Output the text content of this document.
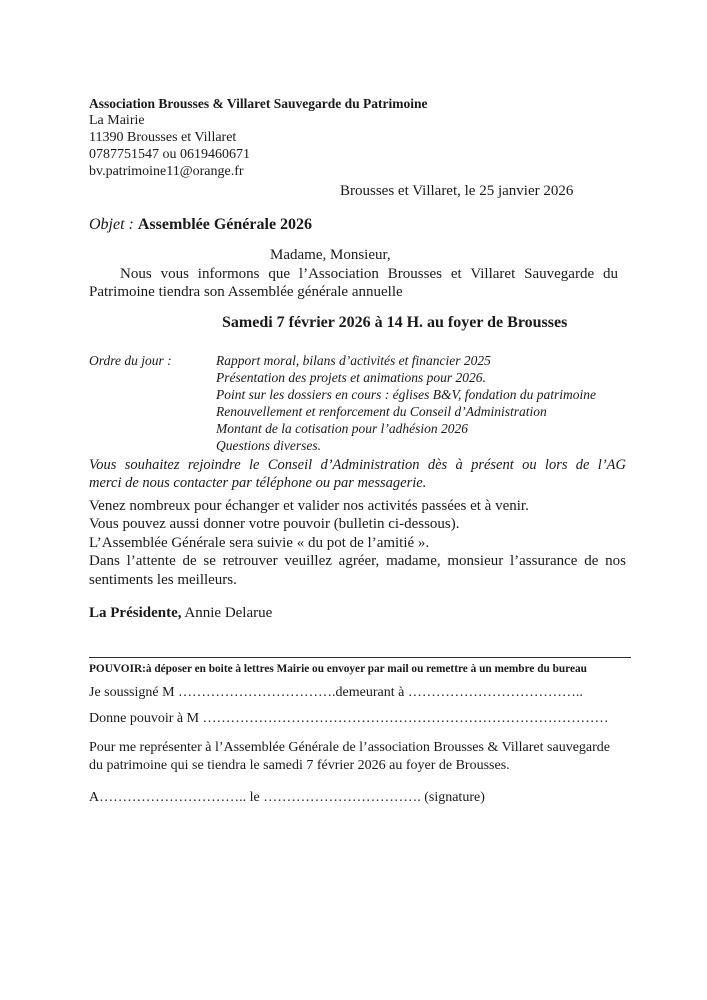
Association Brousses & Villaret Sauvegarde du Patrimoine
La Mairie
11390 Brousses et Villaret
0787751547 ou 0619460671
bv.patrimoine11@orange.fr
Brousses et Villaret, le 25 janvier 2026
Objet : Assemblée Générale 2026
Madame, Monsieur,
Nous vous informons que l’Association Brousses et Villaret Sauvegarde du
Patrimoine tiendra son Assemblée générale annuelle
Samedi 7 février 2026 à 14 H. au foyer de Brousses
Ordre du jour :	Rapport moral, bilans d’activités et financier 2025
Présentation des projets et animations pour 2026.
Point sur les dossiers en cours : églises B&V, fondation du patrimoine
Renouvellement et renforcement du Conseil d’Administration
Montant de la cotisation pour l’adhésion 2026
Questions diverses.
Vous souhaitez rejoindre le Conseil d’Administration dès à présent ou lors de l’AG
merci de nous contacter par téléphone ou par messagerie.
Venez nombreux pour échanger et valider nos activités passées et à venir.
Vous pouvez aussi donner votre pouvoir (bulletin ci-dessous).
L’Assemblée Générale sera suivie « du pot de l’amitié ».
Dans l’attente de se retrouver veuillez agréer, madame, monsieur l’assurance de nos
sentiments les meilleurs.
La Présidente, Annie Delarue
POUVOIR:à déposer en boite à lettres Mairie ou envoyer par mail ou remettre à un membre du bureau
Je soussigné M …………………………….demeurant à ………………………………..
Donne pouvoir à M ……………………………………………………………………………
Pour me représenter à l’Assemblée Générale de l’association Brousses & Villaret sauvegarde
du patrimoine qui se tiendra le samedi 7 février 2026 au foyer de Brousses.
A………………………….. le ……………………………. (signature)
